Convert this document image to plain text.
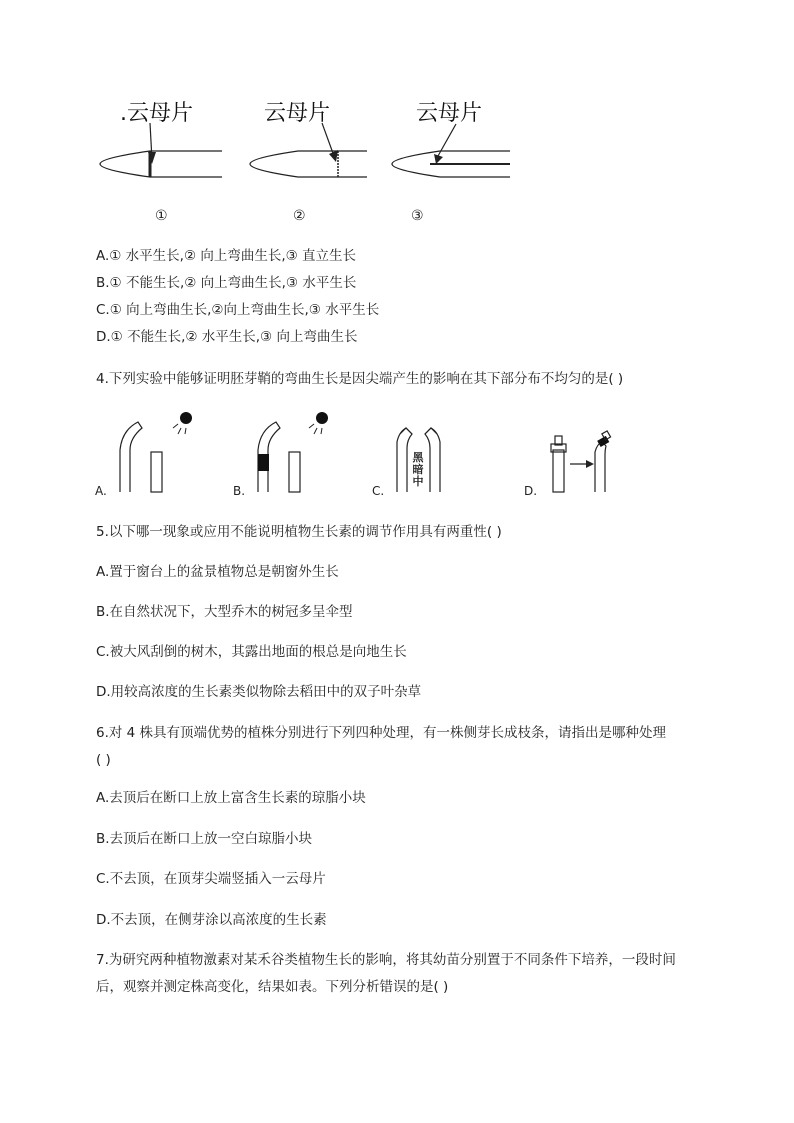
.云母片	云母片	云母片
①	②	③
A.① 水平生长,② 向上弯曲生长,③ 直立生长
B.① 不能生长,② 向上弯曲生长,③ 水平生长
C.① 向上弯曲生长,②向上弯曲生长,③ 水平生长
D.① 不能生长,② 水平生长,③ 向上弯曲生长
4.下列实验中能够证明胚芽鞘的弯曲生长是因尖端产生的影响在其下部分布不均匀的是( )
A.	B.	C.	D.
黑
暗
中
5.以下哪一现象或应用不能说明植物生长素的调节作用具有两重性( )
A.置于窗台上的盆景植物总是朝窗外生长
B.在自然状况下，大型乔木的树冠多呈伞型
C.被大风刮倒的树木，其露出地面的根总是向地生长
D.用较高浓度的生长素类似物除去稻田中的双子叶杂草
6.对 4 株具有顶端优势的植株分别进行下列四种处理，有一株侧芽长成枝条，请指出是哪种处理
( )
A.去顶后在断口上放上富含生长素的琼脂小块
B.去顶后在断口上放一空白琼脂小块
C.不去顶，在顶芽尖端竖插入一云母片
D.不去顶，在侧芽涂以高浓度的生长素
7.为研究两种植物激素对某禾谷类植物生长的影响，将其幼苗分别置于不同条件下培养，一段时间
后，观察并测定株高变化，结果如表。下列分析错误的是( )
